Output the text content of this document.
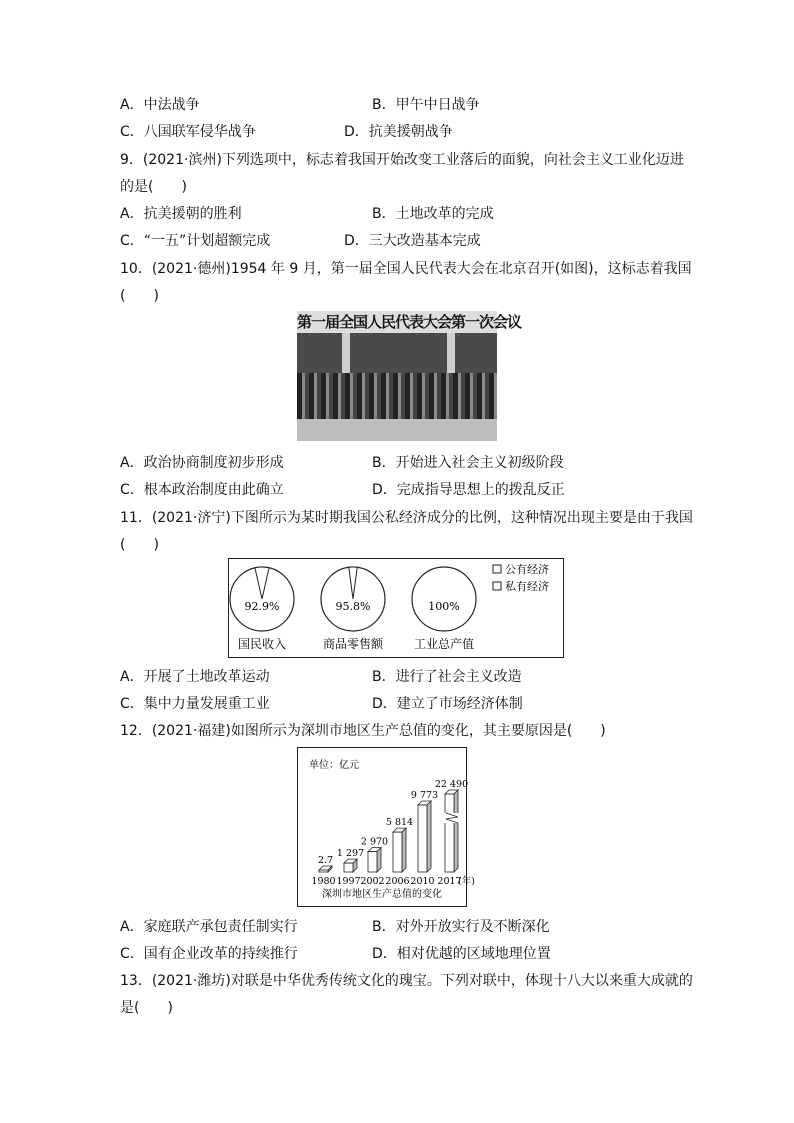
A．中法战争	B．甲午中日战争
C．八国联军侵华战争	D．抗美援朝战争
9．(2021·滨州)下列选项中，标志着我国开始改变工业落后的面貌，向社会主义工业化迈进
的是(　　)
A．抗美援朝的胜利	B．土地改革的完成
C．“一五”计划超额完成	D．三大改造基本完成
10．(2021·德州)1954 年 9 月，第一届全国人民代表大会在北京召开(如图)，这标志着我国
(　　)
第一届全国人民代表大会第一次会议
A．政治协商制度初步形成	B．开始进入社会主义初级阶段
C．根本政治制度由此确立	D．完成指导思想上的拨乱反正
11．(2021·济宁)下图所示为某时期我国公私经济成分的比例，这种情况出现主要是由于我国
(　　)
92.9%
国民收入
95.8%
商品零售额
100%
工业总产值
公有经济
私有经济
A．开展了土地改革运动	B．进行了社会主义改造
C．集中力量发展重工业	D．建立了市场经济体制
12．(2021·福建)如图所示为深圳市地区生产总值的变化，其主要原因是(　　)
单位：亿元
2.7
1980
1 297
1997
2 970
2002
5 814
2006
9 773
2010
22 490
2017
(年)
深圳市地区生产总值的变化
A．家庭联产承包责任制实行	B．对外开放实行及不断深化
C．国有企业改革的持续推行	D．相对优越的区域地理位置
13．(2021·潍坊)对联是中华优秀传统文化的瑰宝。下列对联中，体现十八大以来重大成就的
是(　　)
